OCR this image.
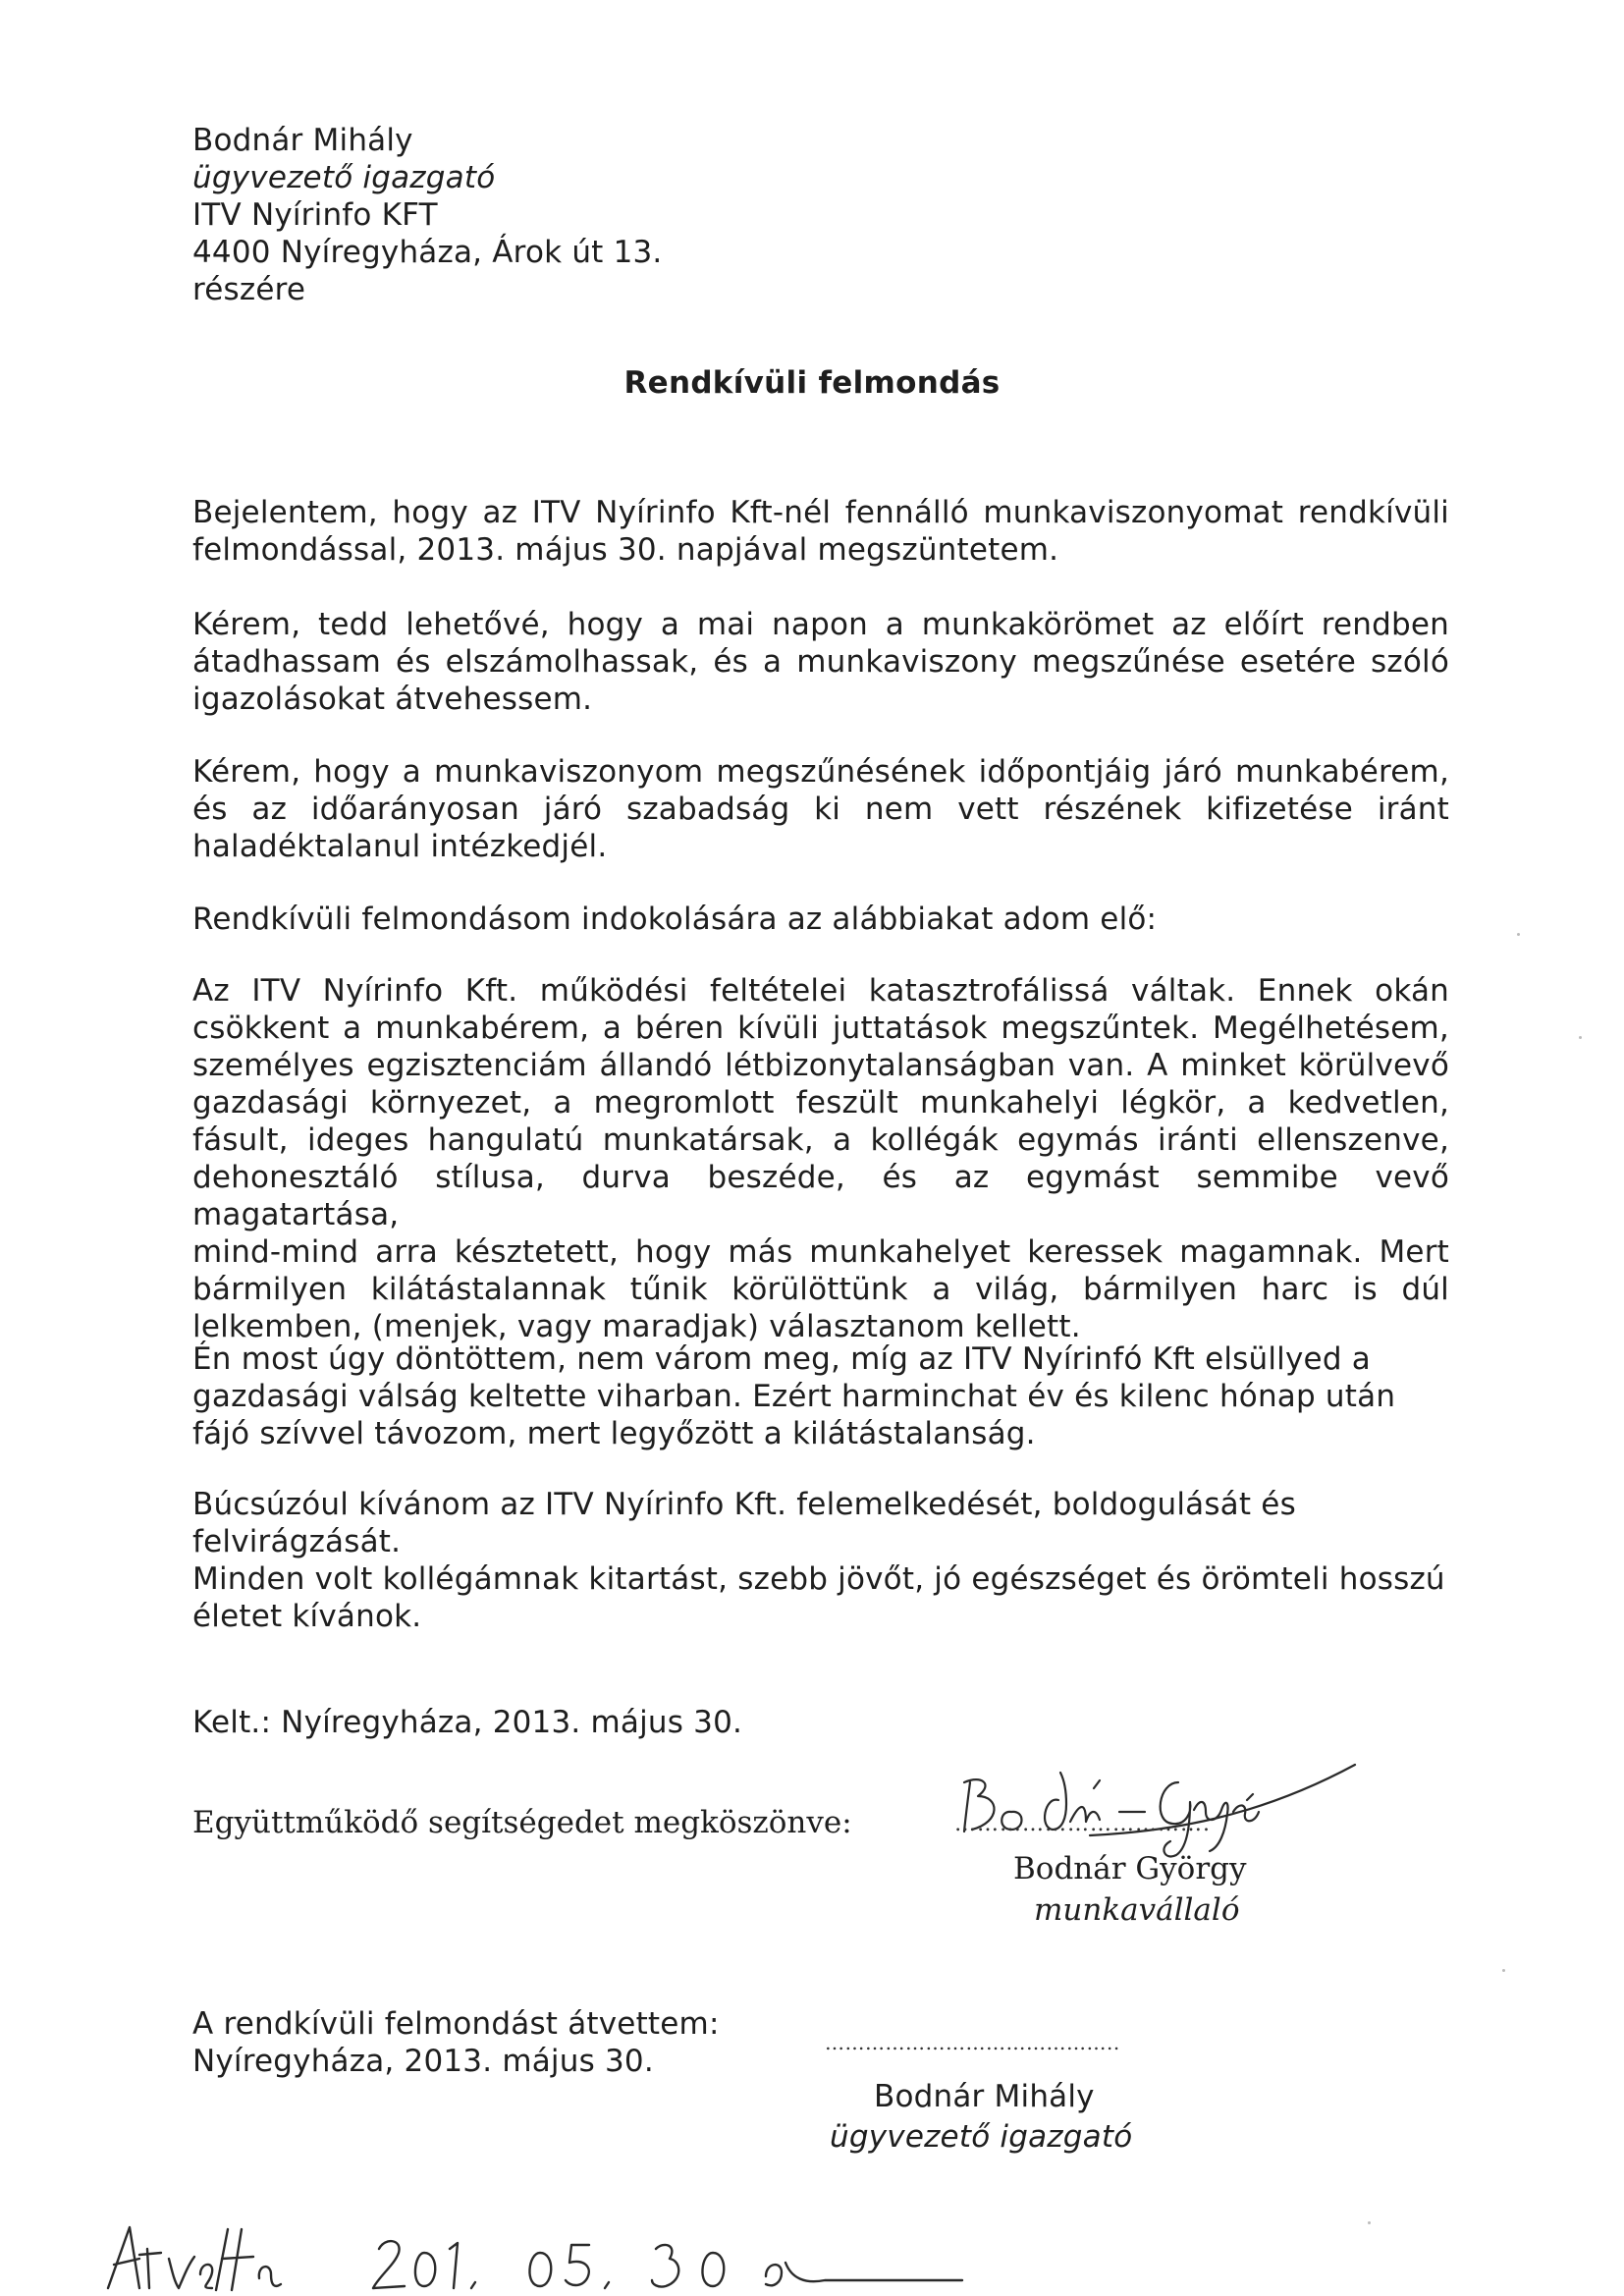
Bodnár Mihály
ügyvezető igazgató
ITV Nyírinfo KFT
4400 Nyíregyháza, Árok út 13.
részére
Rendkívüli felmondás
Bejelentem, hogy az ITV Nyírinfo Kft-nél fennálló munkaviszonyomat rendkívüli
felmondással, 2013. május 30. napjával megszüntetem.
Kérem, tedd lehetővé, hogy a mai napon a munkakörömet az előírt rendben
átadhassam és elszámolhassak, és a munkaviszony megszűnése esetére szóló
igazolásokat átvehessem.
Kérem, hogy a munkaviszonyom megszűnésének időpontjáig járó munkabérem,
és az időarányosan járó szabadság ki nem vett részének kifizetése iránt
haladéktalanul intézkedjél.
Rendkívüli felmondásom indokolására az alábbiakat adom elő:
Az ITV Nyírinfo Kft. működési feltételei katasztrofálissá váltak. Ennek okán
csökkent a munkabérem, a béren kívüli juttatások megszűntek. Megélhetésem,
személyes egzisztenciám állandó létbizonytalanságban van. A minket körülvevő
gazdasági környezet, a megromlott feszült munkahelyi légkör, a kedvetlen,
fásult, ideges hangulatú munkatársak, a kollégák egymás iránti ellenszenve,
dehonesztáló stílusa, durva beszéde, és az egymást semmibe vevő magatartása,
mind-mind arra késztetett, hogy más munkahelyet keressek magamnak. Mert
bármilyen kilátástalannak tűnik körülöttünk a világ, bármilyen harc is dúl
lelkemben, (menjek, vagy maradjak) választanom kellett.
Én most úgy döntöttem, nem várom meg, míg az ITV Nyírinfó Kft elsüllyed a
gazdasági válság keltette viharban. Ezért harminchat év és kilenc hónap után
fájó szívvel távozom, mert legyőzött a kilátástalanság.
Búcsúzóul kívánom az ITV Nyírinfo Kft. felemelkedését, boldogulását és
felvirágzását.
Minden volt kollégámnak kitartást, szebb jövőt, jó egészséget és örömteli hosszú
életet kívánok.
Kelt.: Nyíregyháza, 2013. május 30.
Együttműködő segítségedet megköszönve:	…………………………….
Bodnár György
munkavállaló
A rendkívüli felmondást átvettem:
Nyíregyháza, 2013. május 30.
……………………………………..
Bodnár Mihály
ügyvezető igazgató
